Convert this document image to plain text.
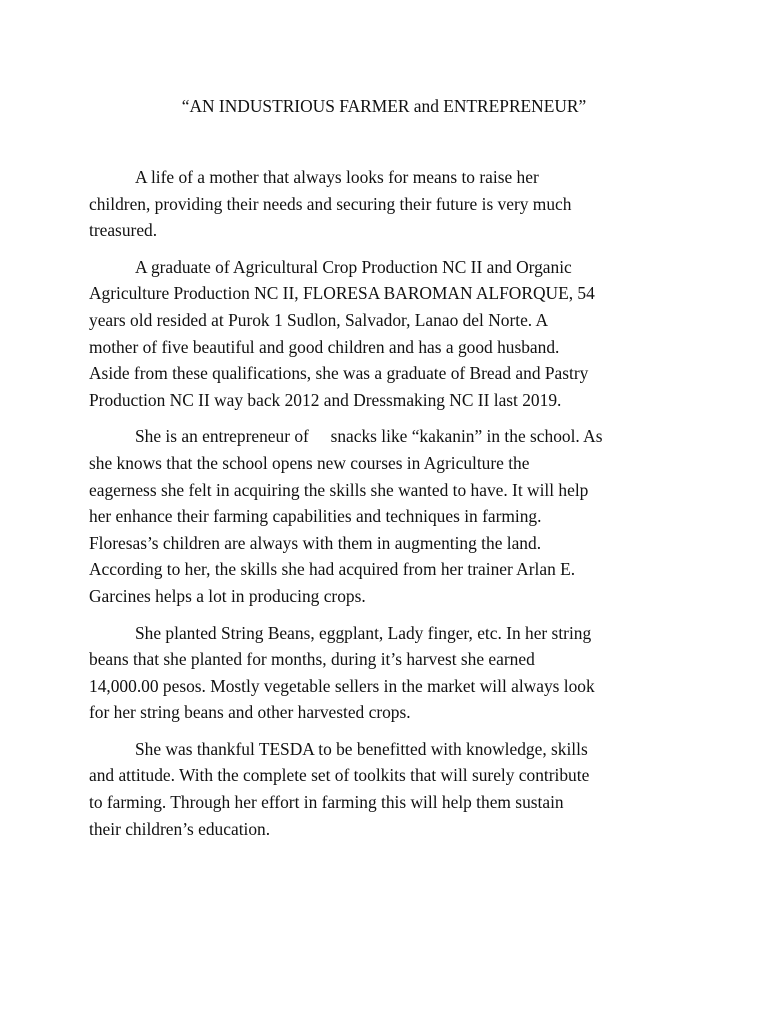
“AN INDUSTRIOUS FARMER and ENTREPRENEUR”
A life of a mother that always looks for means to raise her
children, providing their needs and securing their future is very much
treasured.
A graduate of Agricultural Crop Production NC II and Organic
Agriculture Production NC II, FLORESA BAROMAN ALFORQUE, 54
years old resided at Purok 1 Sudlon, Salvador, Lanao del Norte. A
mother of five beautiful and good children and has a good husband.
Aside from these qualifications, she was a graduate of Bread and Pastry
Production NC II way back 2012 and Dressmaking NC II last 2019.
She is an entrepreneur of     snacks like “kakanin” in the school. As
she knows that the school opens new courses in Agriculture the
eagerness she felt in acquiring the skills she wanted to have. It will help
her enhance their farming capabilities and techniques in farming.
Floresas’s children are always with them in augmenting the land.
According to her, the skills she had acquired from her trainer Arlan E.
Garcines helps a lot in producing crops.
She planted String Beans, eggplant, Lady finger, etc. In her string
beans that she planted for months, during it’s harvest she earned
14,000.00 pesos. Mostly vegetable sellers in the market will always look
for her string beans and other harvested crops.
She was thankful TESDA to be benefitted with knowledge, skills
and attitude. With the complete set of toolkits that will surely contribute
to farming. Through her effort in farming this will help them sustain
their children’s education.
